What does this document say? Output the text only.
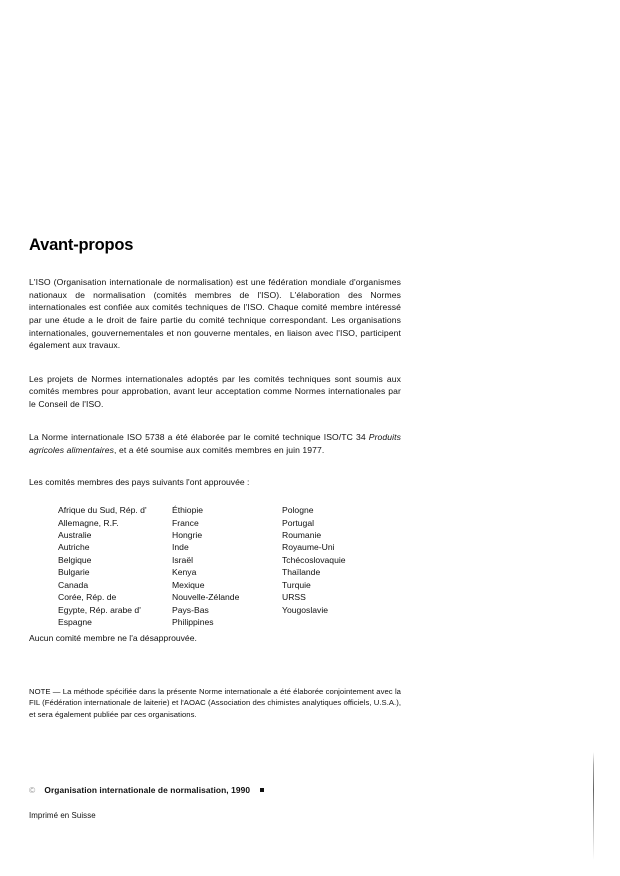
Avant-propos

L'ISO (Organisation internationale de normalisation) est une fédération mondiale d'organismes nationaux de normalisation (comités membres de l'ISO). L'élaboration des Normes internationales est confiée aux comités techniques de l'ISO. Chaque comité membre intéressé par une étude a le droit de faire partie du comité technique correspondant. Les organisations internationales, gouvernementales et non gouverne mentales, en liaison avec l'ISO, participent également aux travaux.

Les projets de Normes internationales adoptés par les comités techniques sont soumis aux comités membres pour approbation, avant leur acceptation comme Normes internationales par le Conseil de l'ISO.

La Norme internationale ISO 5738 a été élaborée par le comité technique ISO/TC 34 Produits agricoles alimentaires, et a été soumise aux comités membres en juin 1977.

Les comités membres des pays suivants l'ont approuvée :

Afrique du Sud, Rép. d'
Allemagne, R.F.
Australie
Autriche
Belgique
Bulgarie
Canada
Corée, Rép. de
Egypte, Rép. arabe d'
Espagne
Éthiopie
France
Hongrie
Inde
Israël
Kenya
Mexique
Nouvelle-Zélande
Pays-Bas
Philippines
Pologne
Portugal
Roumanie
Royaume-Uni
Tchécoslovaquie
Thaïlande
Turquie
URSS
Yougoslavie

Aucun comité membre ne l'a désapprouvée.

NOTE — La méthode spécifiée dans la présente Norme internationale a été élaborée conjointement avec la FIL (Fédération internationale de laiterie) et l'AOAC (Association des chimistes analytiques officiels, U.S.A.), et sera également publiée par ces organisations.

© Organisation internationale de normalisation, 1990
Imprimé en Suisse
